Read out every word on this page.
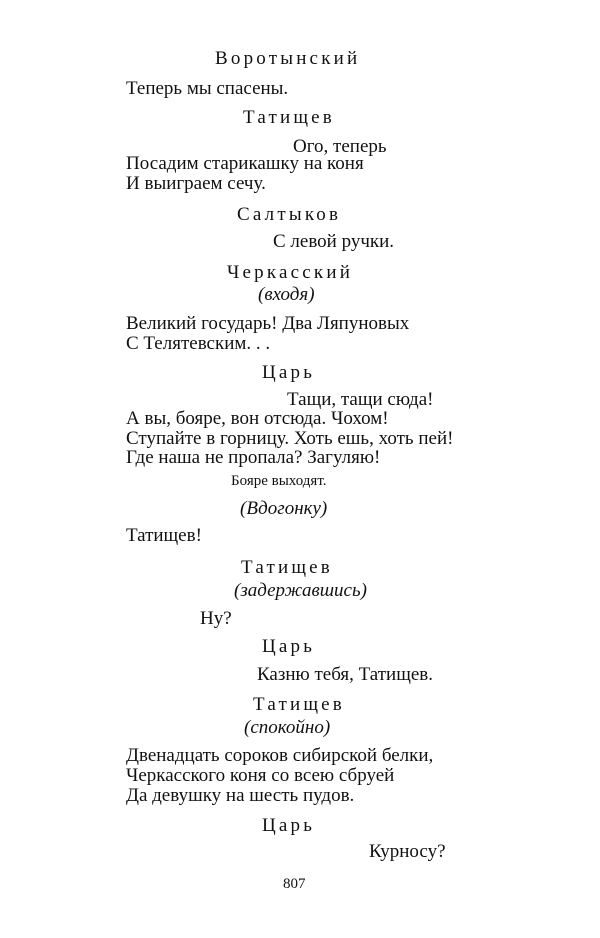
Воротынский
Теперь мы спасены.
Татищев
Ого, теперь
Посадим старикашку на коня
И выиграем сечу.
Салтыков
С левой ручки.
Черкасский
(входя)
Великий государь! Два Ляпуновых
С Телятевским. . .
Царь
Тащи, тащи сюда!
А вы, бояре, вон отсюда. Чохом!
Ступайте в горницу. Хоть ешь, хоть пей!
Где наша не пропала? Загуляю!
Бояре выходят.
(Вдогонку)
Татищев!
Татищев
(задержавшись)
Ну?
Царь
Казню тебя, Татищев.
Татищев
(спокойно)
Двенадцать сороков сибирской белки,
Черкасского коня со всею сбруей
Да девушку на шесть пудов.
Царь
Курносу?
807
